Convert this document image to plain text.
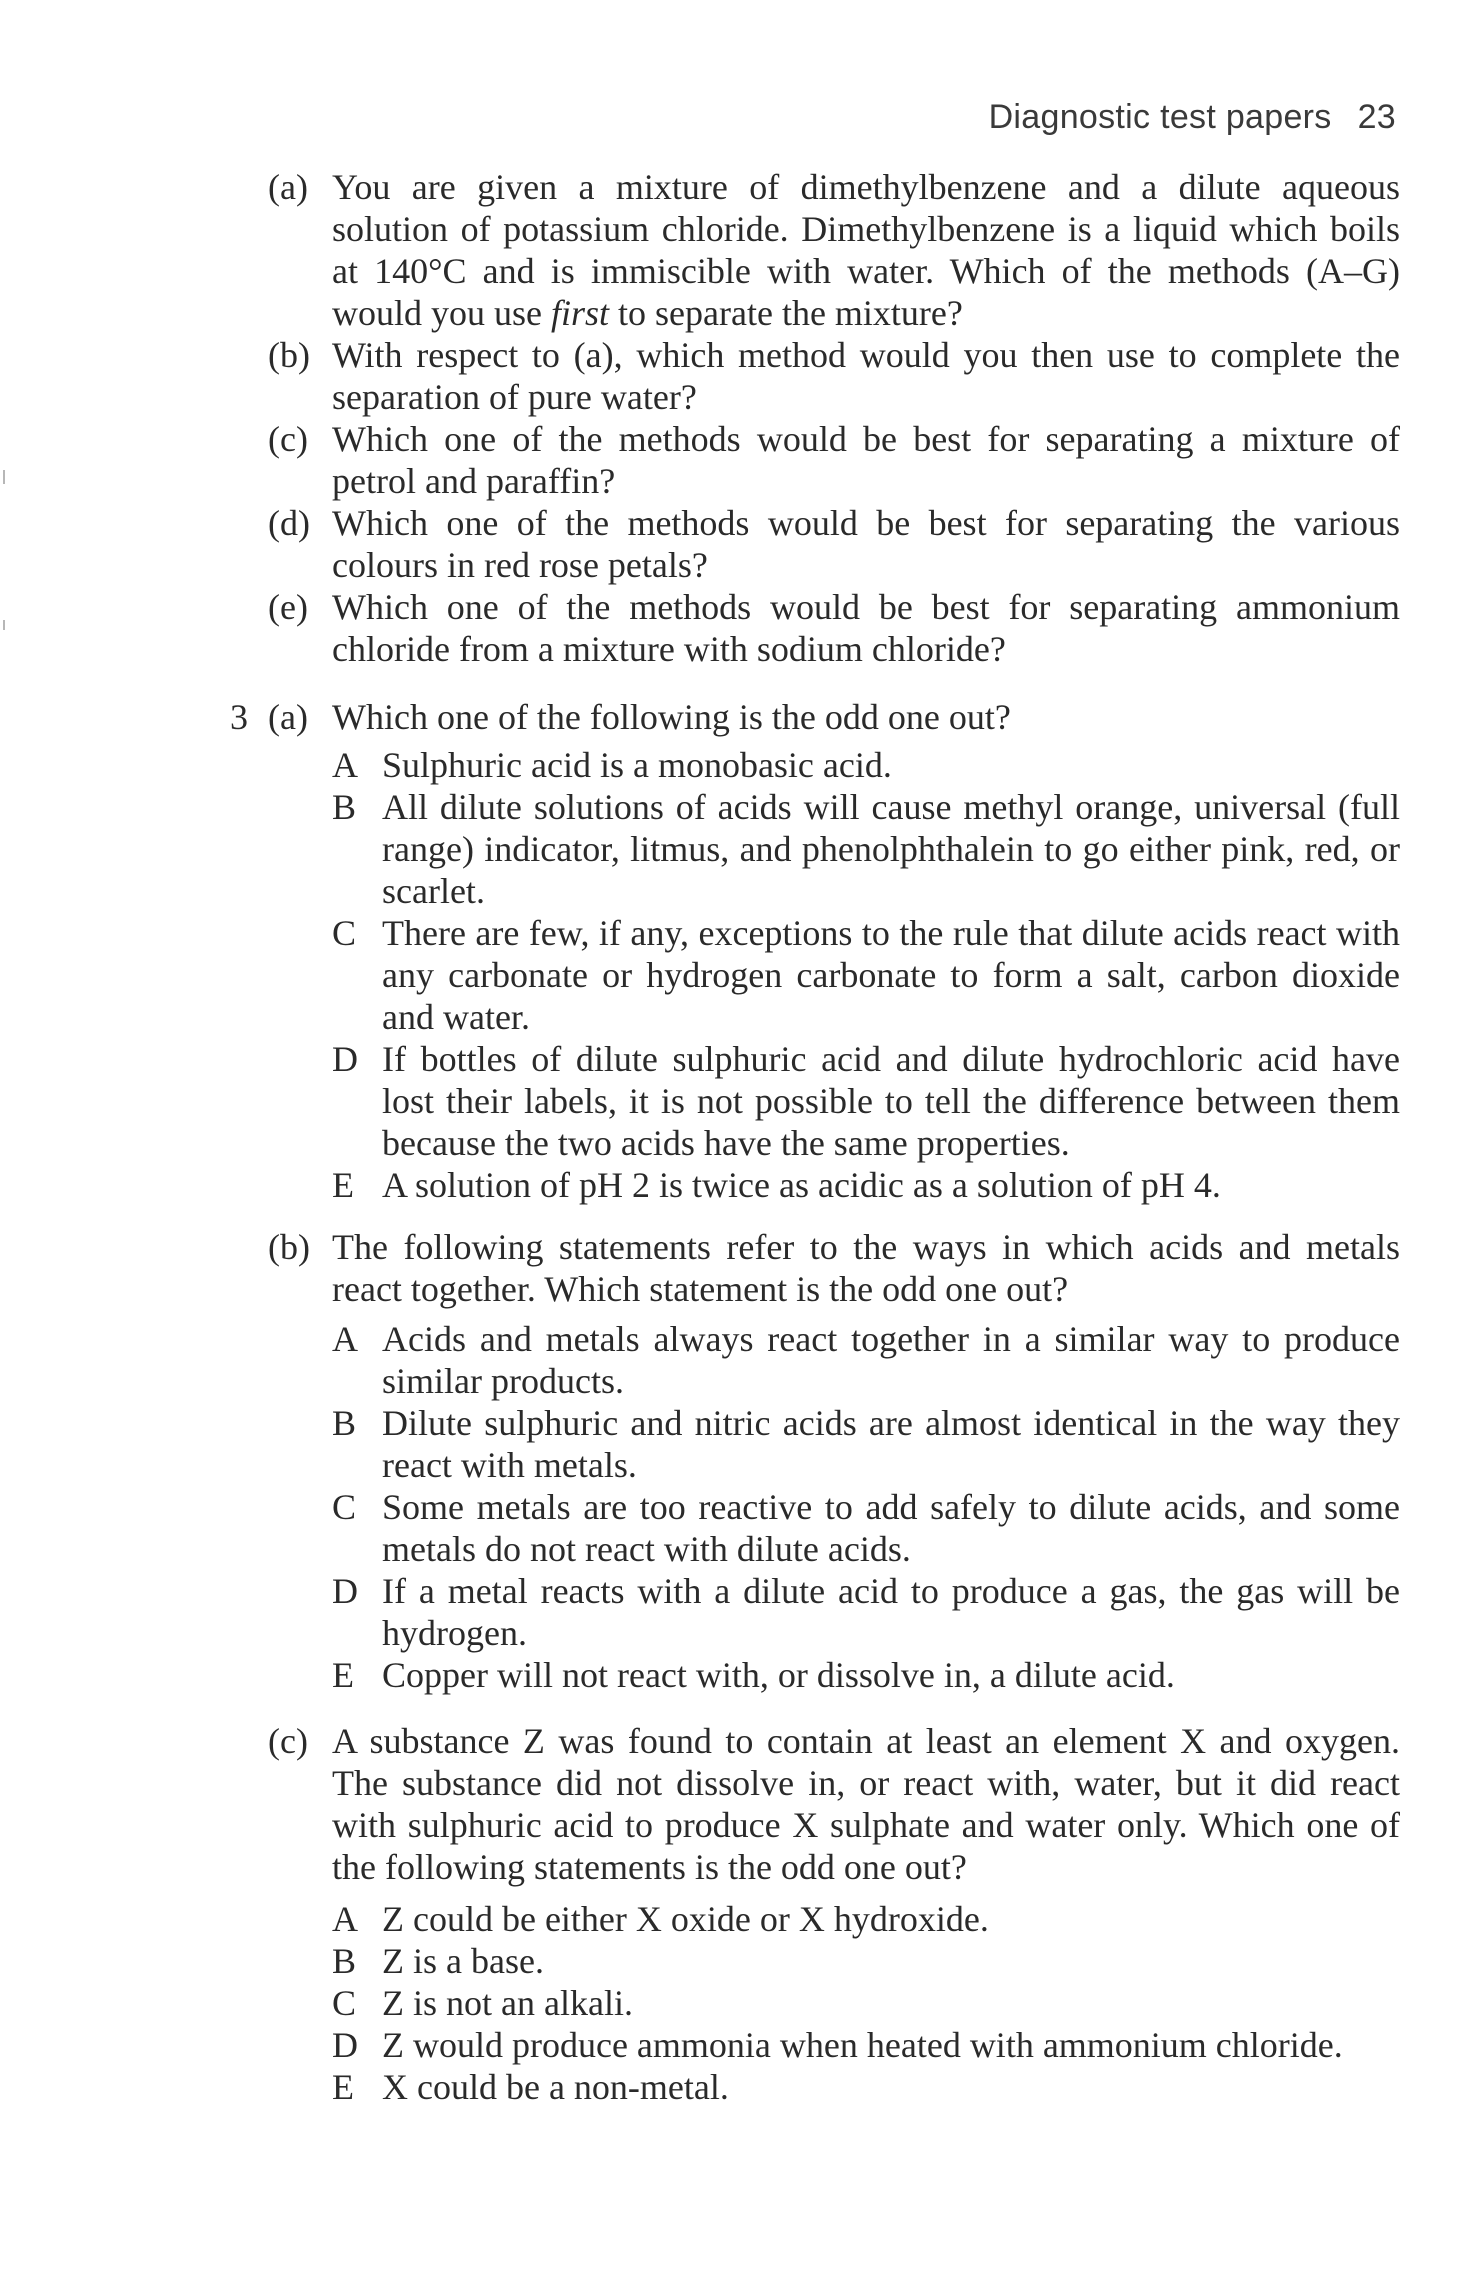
Diagnostic test papers 23
(a) You are given a mixture of dimethylbenzene and a dilute aqueous solution of potassium chloride. Dimethylbenzene is a liquid which boils at 140°C and is immiscible with water. Which of the methods (A–G) would you use first to separate the mixture?
(b) With respect to (a), which method would you then use to complete the separation of pure water?
(c) Which one of the methods would be best for separating a mixture of petrol and paraffin?
(d) Which one of the methods would be best for separating the various colours in red rose petals?
(e) Which one of the methods would be best for separating ammonium chloride from a mixture with sodium chloride?
3 (a) Which one of the following is the odd one out?
A Sulphuric acid is a monobasic acid.
B All dilute solutions of acids will cause methyl orange, universal (full range) indicator, litmus, and phenolphthalein to go either pink, red, or scarlet.
C There are few, if any, exceptions to the rule that dilute acids react with any carbonate or hydrogen carbonate to form a salt, carbon dioxide and water.
D If bottles of dilute sulphuric acid and dilute hydrochloric acid have lost their labels, it is not possible to tell the difference between them because the two acids have the same properties.
E A solution of pH 2 is twice as acidic as a solution of pH 4.
(b) The following statements refer to the ways in which acids and metals react together. Which statement is the odd one out?
A Acids and metals always react together in a similar way to produce similar products.
B Dilute sulphuric and nitric acids are almost identical in the way they react with metals.
C Some metals are too reactive to add safely to dilute acids, and some metals do not react with dilute acids.
D If a metal reacts with a dilute acid to produce a gas, the gas will be hydrogen.
E Copper will not react with, or dissolve in, a dilute acid.
(c) A substance Z was found to contain at least an element X and oxygen. The substance did not dissolve in, or react with, water, but it did react with sulphuric acid to produce X sulphate and water only. Which one of the following statements is the odd one out?
A Z could be either X oxide or X hydroxide.
B Z is a base.
C Z is not an alkali.
D Z would produce ammonia when heated with ammonium chloride.
E X could be a non-metal.
